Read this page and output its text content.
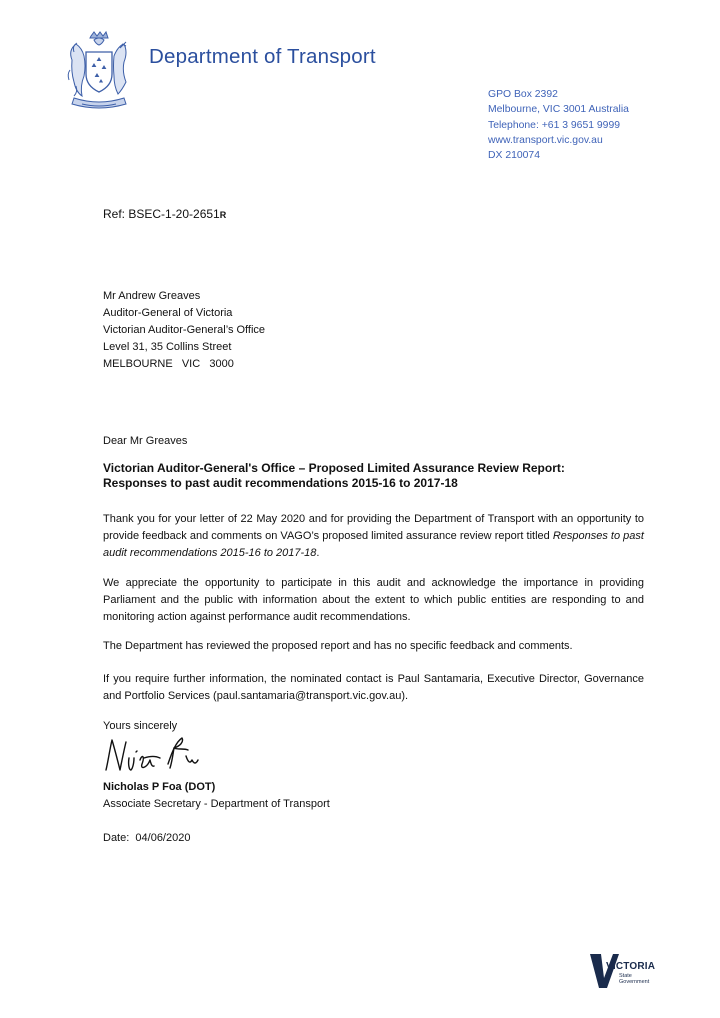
Department of Transport
GPO Box 2392
Melbourne, VIC 3001 Australia
Telephone: +61 3 9651 9999
www.transport.vic.gov.au
DX 210074
Ref: BSEC-1-20-2651R
Mr Andrew Greaves
Auditor-General of Victoria
Victorian Auditor-General’s Office
Level 31, 35 Collins Street
MELBOURNE   VIC   3000
Dear Mr Greaves
Victorian Auditor-General's Office – Proposed Limited Assurance Review Report:
Responses to past audit recommendations 2015-16 to 2017-18
Thank you for your letter of 22 May 2020 and for providing the Department of Transport with an opportunity to provide feedback and comments on VAGO’s proposed limited assurance review report titled Responses to past audit recommendations 2015-16 to 2017-18.
We appreciate the opportunity to participate in this audit and acknowledge the importance in providing Parliament and the public with information about the extent to which public entities are responding to and monitoring action against performance audit recommendations.
The Department has reviewed the proposed report and has no specific feedback and comments.
If you require further information, the nominated contact is Paul Santamaria, Executive Director, Governance and Portfolio Services (paul.santamaria@transport.vic.gov.au).
Yours sincerely
Nicholas P Foa (DOT)
Associate Secretary - Department of Transport
Date:  04/06/2020
VICTORIA
State
Government
